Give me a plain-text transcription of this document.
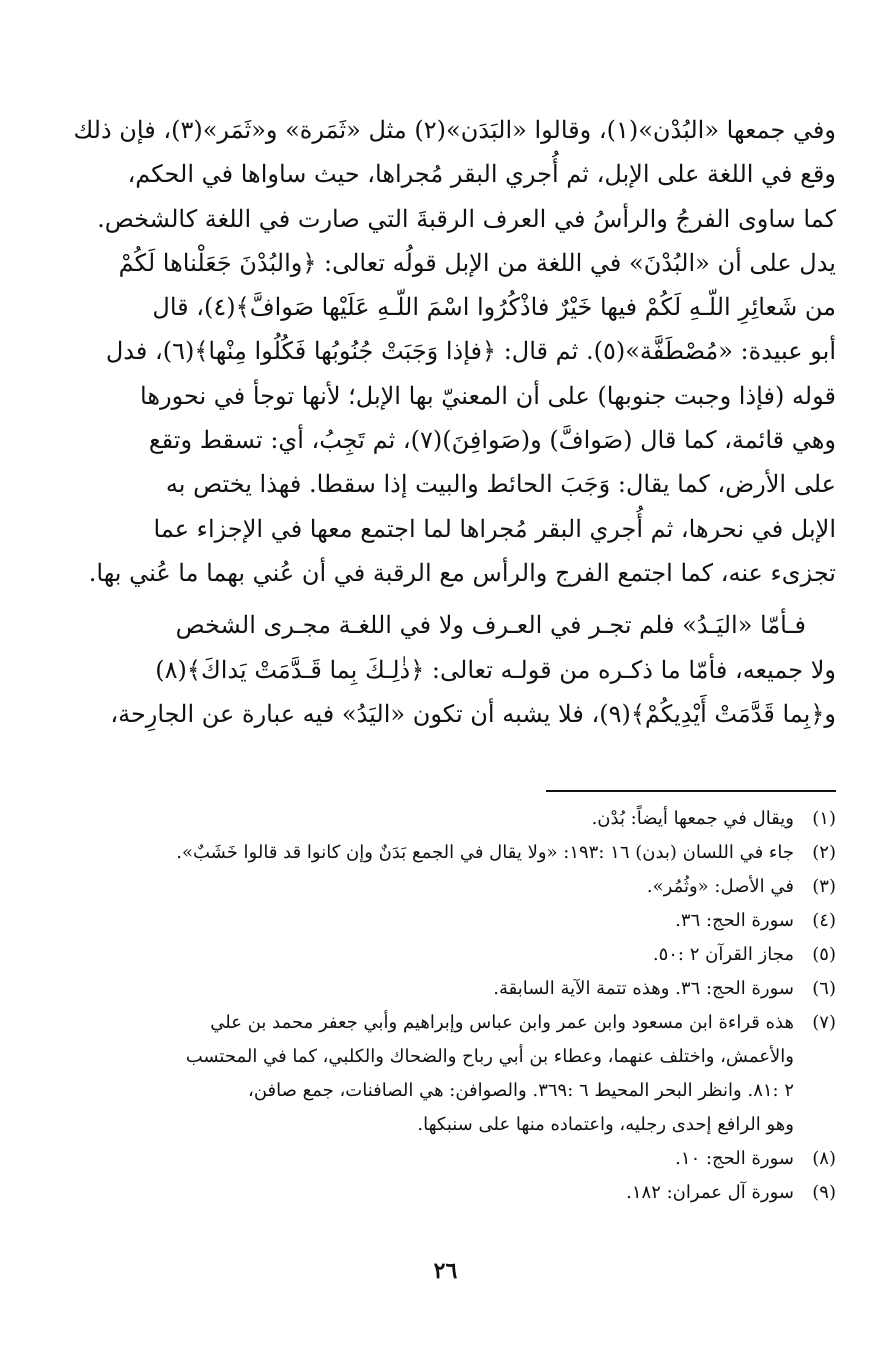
وفي جمعها «البُدْن»(١)، وقالوا «البَدَن»(٢) مثل «ثَمَرة» و«ثَمَر»(٣)، فإن ذلك

وقع في اللغة على الإبل، ثم أُجري البقر مُجراها، حيث ساواها في الحكم،

كما ساوى الفرجُ والرأسُ في العرف الرقبةَ التي صارت في اللغة كالشخص.

يدل على أن «البُدْنَ» في اللغة من الإبل قولُه تعالى: ﴿والبُدْنَ جَعَلْناها لَكُمْ

من شَعائِرِ اللّـهِ لَكُمْ فيها خَيْرٌ فاذْكُرُوا اسْمَ اللّـهِ عَلَيْها صَوافَّ﴾(٤)، قال

أبو عبيدة: «مُصْطَفَّة»(٥). ثم قال: ﴿فإذا وَجَبَتْ جُنُوبُها فَكُلُوا مِنْها﴾(٦)، فدل

قوله (فإذا وجبت جنوبها) على أن المعنيّ بها الإبل؛ لأنها توجأ في نحورها

وهي قائمة، كما قال (صَوافَّ) و(صَوافِنَ)(٧)، ثم تَجِبُ، أي: تسقط وتقع

على الأرض، كما يقال: وَجَبَ الحائط والبيت إذا سقطا. فهذا يختص به

الإبل في نحرها، ثم أُجري البقر مُجراها لما اجتمع معها في الإجزاء عما

تجزىء عنه، كما اجتمع الفرج والرأس مع الرقبة في أن عُني بهما ما عُني بها.

فـأمّا «اليَـدُ» فلم تجـر في العـرف ولا في اللغـة مجـرى الشخص

ولا جميعه، فأمّا ما ذكـره من قولـه تعالى: ﴿ذٰلِـكَ بِما قَـدَّمَتْ يَداكَ﴾(٨)

و﴿بِما قَدَّمَتْ أَيْدِيكُمْ﴾(٩)، فلا يشبه أن تكون «اليَدُ» فيه عبارة عن الجارِحة،

(١)ويقال في جمعها أيضاً: بُدْن.

(٢)جاء في اللسان (بدن) ١٦ :١٩٣: «ولا يقال في الجمع بَدَنٌ وإن كانوا قد قالوا خَشَبٌ».

(٣)في الأصل: «وثُمُر».

(٤)سورة الحج: ٣٦.

(٥)مجاز القرآن ٢ :٥٠.

(٦)سورة الحج: ٣٦. وهذه تتمة الآية السابقة.

(٧)هذه قراءة ابن مسعود وابن عمر وابن عباس وإبراهيم وأبي جعفر محمد بن علي

والأعمش، واختلف عنهما، وعطاء بن أبي رباح والضحاك والكلبي، كما في المحتسب

٢ :٨١. وانظر البحر المحيط ٦ :٣٦٩. والصوافن: هي الصافنات، جمع صافن،

وهو الرافع إحدى رجليه، واعتماده منها على سنبكها.

(٨)سورة الحج: ١٠.

(٩)سورة آل عمران: ١٨٢.

٢٦
